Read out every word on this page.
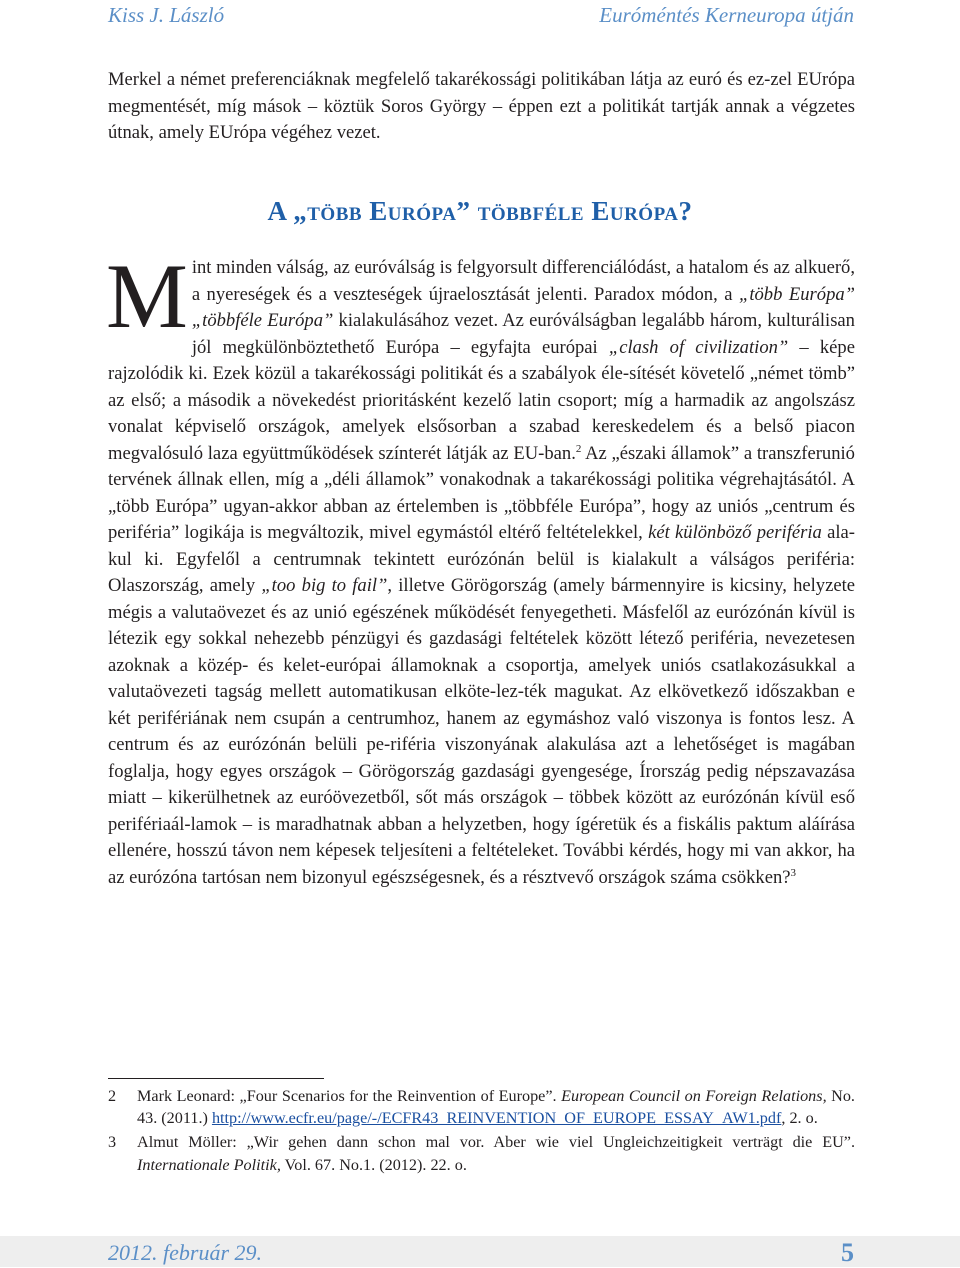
Kiss J. László	Euróméntés Kerneuropa útján

Merkel a német preferenciáknak megfelelő takarékossági politikában látja az euró és ez-zel EUrópa megmentését, míg mások – köztük Soros György – éppen ezt a politikát tartják annak a végzetes útnak, amely EUrópa végéhez vezet.

A „több Európa” többféle Európa?

Mint minden válság, az euróválság is felgyorsult differenciálódást, a hatalom és az alkuerő, a nyereségek és a veszteségek újraelosztását jelenti. Paradox módon, a „több Európa” „többféle Európa” kialakulásához vezet. Az euróválságban legalább három, kulturálisan jól megkülönböztethető Európa – egyfajta európai „clash of civilization” – képe rajzolódik ki. Ezek közül a takarékossági politikát és a szabályok éle-sítését követelő „német tömb” az első; a második a növekedést prioritásként kezelő latin csoport; míg a harmadik az angolszász vonalat képviselő országok, amelyek elsősorban a szabad kereskedelem és a belső piacon megvalósuló laza együttműködések színterét látják az EU-ban.$^2$ Az „északi államok” a transzferunió tervének állnak ellen, míg a „déli államok” vonakodnak a takarékossági politika végrehajtásától. A „több Európa” ugyan-akkor abban az értelemben is „többféle Európa”, hogy az uniós „centrum és periféria” logikája is megváltozik, mivel egymástól eltérő feltételekkel, két különböző periféria ala-kul ki. Egyfelől a centrumnak tekintett eurózónán belül is kialakult a válságos periféria: Olaszország, amely „too big to fail”, illetve Görögország (amely bármennyire is kicsiny, helyzete mégis a valutaövezet és az unió egészének működését fenyegetheti. Másfelől az eurózónán kívül is létezik egy sokkal nehezebb pénzügyi és gazdasági feltételek között létező periféria, nevezetesen azoknak a közép- és kelet-európai államoknak a csoportja, amelyek uniós csatlakozásukkal a valutaövezeti tagság mellett automatikusan elköte-lez-ték magukat. Az elkövetkező időszakban e két perifériának nem csupán a centrumhoz, hanem az egymáshoz való viszonya is fontos lesz. A centrum és az eurózónán belüli pe-riféria viszonyának alakulása azt a lehetőséget is magában foglalja, hogy egyes országok – Görögország gazdasági gyengesége, Írország pedig népszavazása miatt – kikerülhetnek az euróövezetből, sőt más országok – többek között az eurózónán kívül eső perifériaál-lamok – is maradhatnak abban a helyzetben, hogy ígéretük és a fiskális paktum aláírása ellenére, hosszú távon nem képesek teljesíteni a feltételeket. További kérdés, hogy mi van akkor, ha az eurózóna tartósan nem bizonyul egészségesnek, és a résztvevő országok száma csökken?$^3$

2 Mark Leonard: „Four Scenarios for the Reinvention of Europe”. European Council on Foreign Relations, No. 43. (2011.) http://www.ecfr.eu/page/-/ECFR43_REINVENTION_OF_EUROPE_ESSAY_AW1.pdf, 2. o.
3 Almut Möller: „Wir gehen dann schon mal vor. Aber wie viel Ungleichzeitigkeit verträgt die EU”. Internationale Politik, Vol. 67. No.1. (2012). 22. o.
2012. február 29.	5
